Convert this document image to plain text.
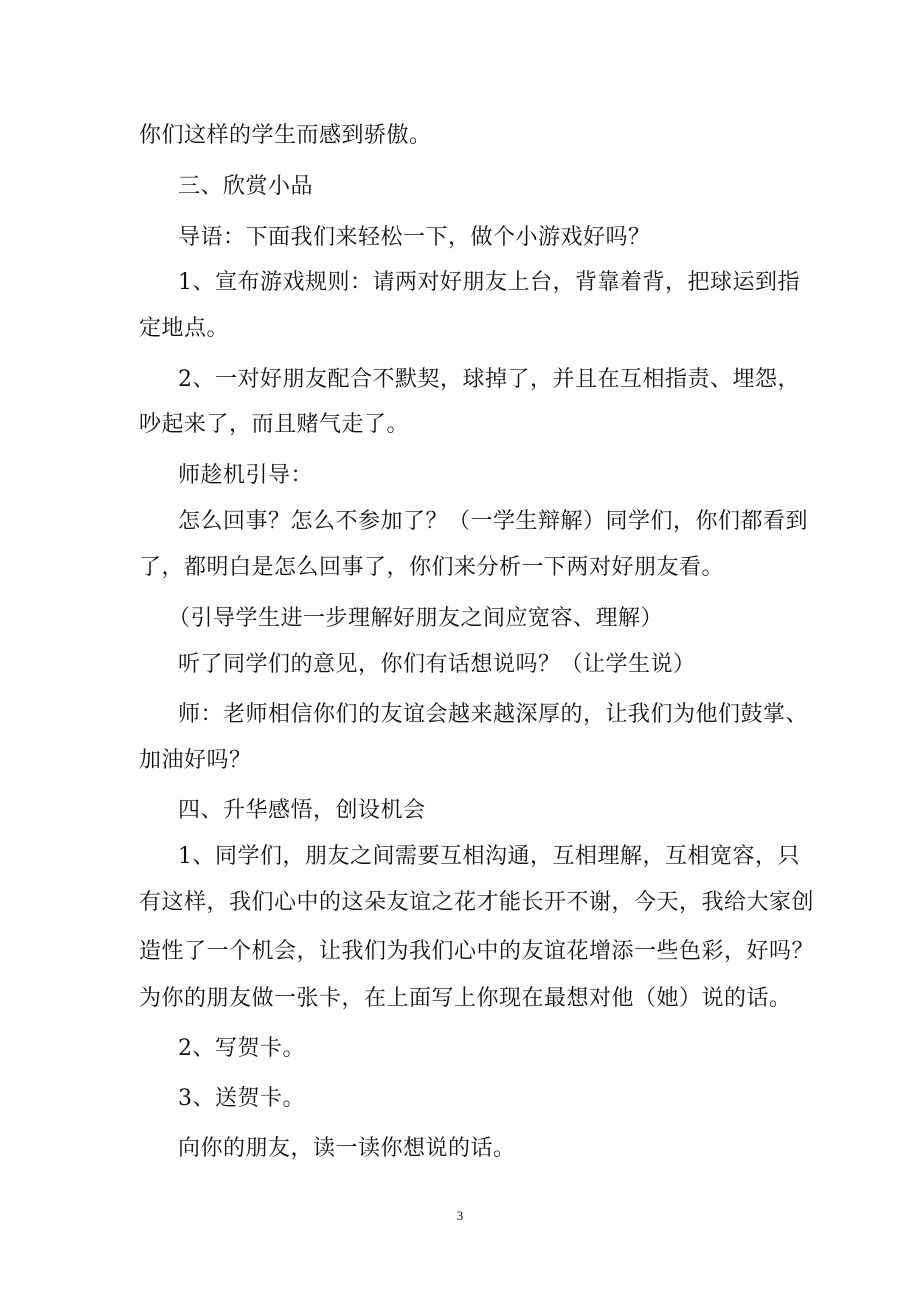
你们这样的学生而感到骄傲。
三、欣赏小品
导语：下面我们来轻松一下，做个小游戏好吗？
1、宣布游戏规则：请两对好朋友上台，背靠着背，把球运到指
定地点。
2、一对好朋友配合不默契，球掉了，并且在互相指责、埋怨，
吵起来了，而且赌气走了。
师趁机引导：
怎么回事？怎么不参加了？（一学生辩解）同学们，你们都看到
了，都明白是怎么回事了，你们来分析一下两对好朋友看。
（引导学生进一步理解好朋友之间应宽容、理解）
听了同学们的意见，你们有话想说吗？（让学生说）
师：老师相信你们的友谊会越来越深厚的，让我们为他们鼓掌、
加油好吗？
四、升华感悟，创设机会
1、同学们，朋友之间需要互相沟通，互相理解，互相宽容，只
有这样，我们心中的这朵友谊之花才能长开不谢，今天，我给大家创
造性了一个机会，让我们为我们心中的友谊花增添一些色彩，好吗？
为你的朋友做一张卡，在上面写上你现在最想对他（她）说的话。
2、写贺卡。
3、送贺卡。
向你的朋友，读一读你想说的话。
3
